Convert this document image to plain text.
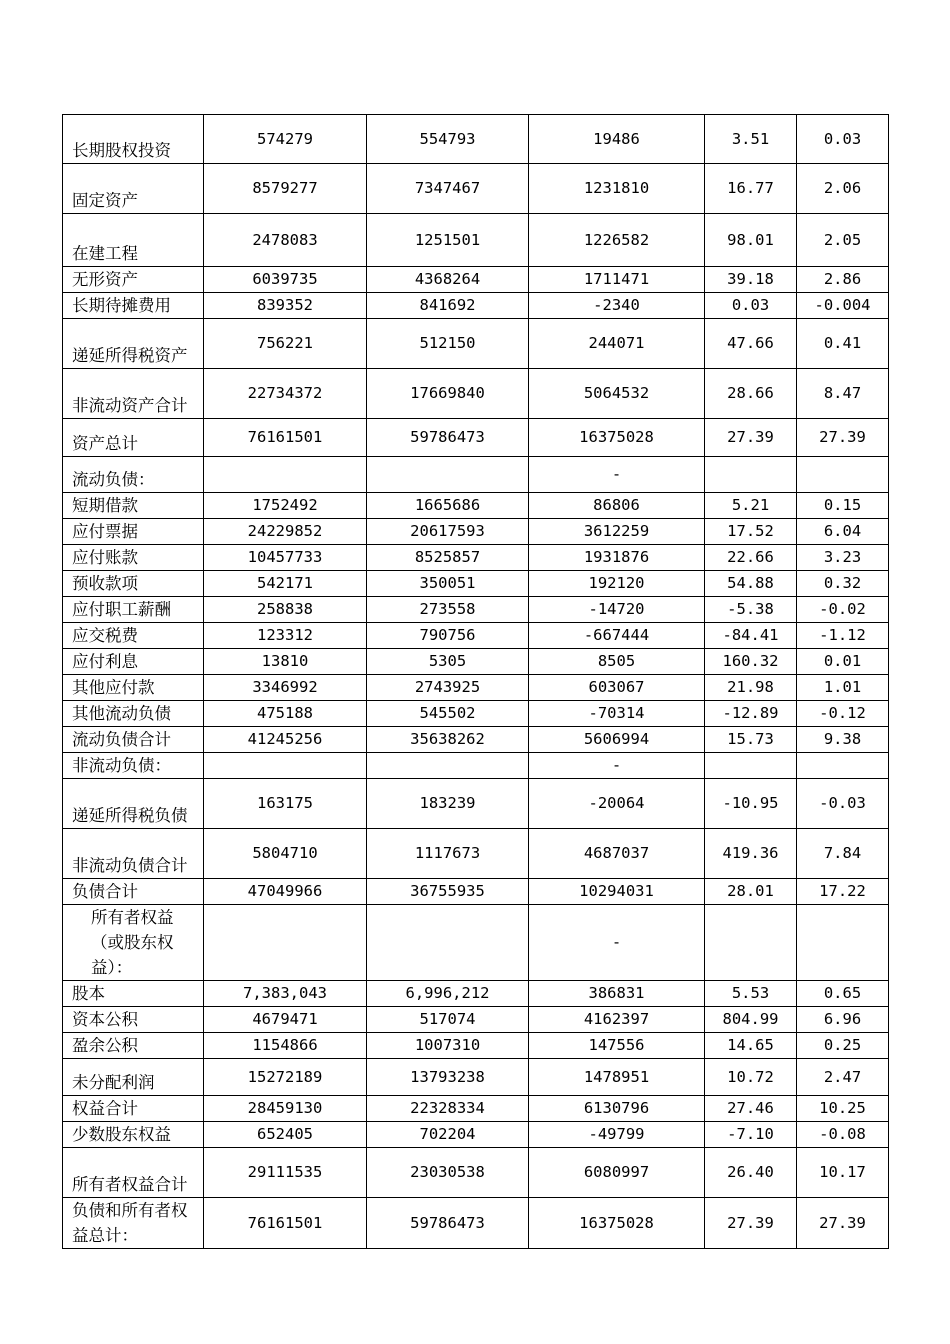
长期股权投资	574279	554793	19486	3.51	0.03
固定资产	8579277	7347467	1231810	16.77	2.06
在建工程	2478083	1251501	1226582	98.01	2.05
无形资产	6039735	4368264	1711471	39.18	2.86
长期待摊费用	839352	841692	-2340	0.03	-0.004
递延所得税资产	756221	512150	244071	47.66	0.41
非流动资产合计	22734372	17669840	5064532	28.66	8.47
资产总计	76161501	59786473	16375028	27.39	27.39
流动负债：			-		
短期借款	1752492	1665686	86806	5.21	0.15
应付票据	24229852	20617593	3612259	17.52	6.04
应付账款	10457733	8525857	1931876	22.66	3.23
预收款项	542171	350051	192120	54.88	0.32
应付职工薪酬	258838	273558	-14720	-5.38	-0.02
应交税费	123312	790756	-667444	-84.41	-1.12
应付利息	13810	5305	8505	160.32	0.01
其他应付款	3346992	2743925	603067	21.98	1.01
其他流动负债	475188	545502	-70314	-12.89	-0.12
流动负债合计	41245256	35638262	5606994	15.73	9.38
非流动负债：			-		
递延所得税负债	163175	183239	-20064	-10.95	-0.03
非流动负债合计	5804710	1117673	4687037	419.36	7.84
负债合计	47049966	36755935	10294031	28.01	17.22
所有者权益（或股东权益）：			-		
股本	7,383,043	6,996,212	386831	5.53	0.65
资本公积	4679471	517074	4162397	804.99	6.96
盈余公积	1154866	1007310	147556	14.65	0.25
未分配利润	15272189	13793238	1478951	10.72	2.47
权益合计	28459130	22328334	6130796	27.46	10.25
少数股东权益	652405	702204	-49799	-7.10	-0.08
所有者权益合计	29111535	23030538	6080997	26.40	10.17
负债和所有者权益总计：	76161501	59786473	16375028	27.39	27.39
